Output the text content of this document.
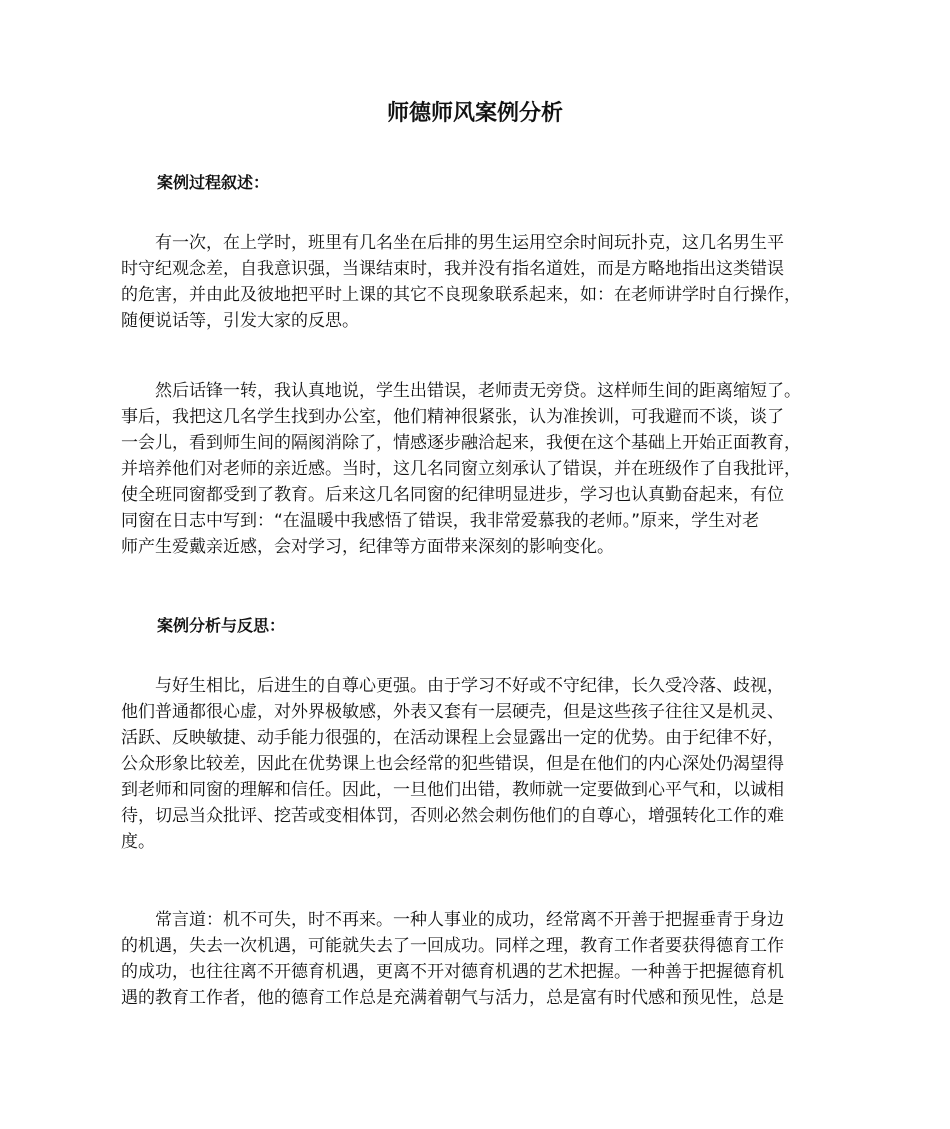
师德师风案例分析
案例过程叙述：
　　有一次，在上学时，班里有几名坐在后排的男生运用空余时间玩扑克，这几名男生平
时守纪观念差，自我意识强，当课结束时，我并没有指名道姓，而是方略地指出这类错误
的危害，并由此及彼地把平时上课的其它不良现象联系起来，如：在老师讲学时自行操作，
随便说话等，引发大家的反思。
　　然后话锋一转，我认真地说，学生出错误，老师责无旁贷。这样师生间的距离缩短了。
事后，我把这几名学生找到办公室，他们精神很紧张，认为准挨训，可我避而不谈，谈了
一会儿，看到师生间的隔阂消除了，情感逐步融洽起来，我便在这个基础上开始正面教育，
并培养他们对老师的亲近感。当时，这几名同窗立刻承认了错误，并在班级作了自我批评，
使全班同窗都受到了教育。后来这几名同窗的纪律明显进步，学习也认真勤奋起来，有位
同窗在日志中写到：“在温暖中我感悟了错误，我非常爱慕我的老师。”原来，学生对老
师产生爱戴亲近感，会对学习，纪律等方面带来深刻的影响变化。
案例分析与反思：
　　与好生相比，后进生的自尊心更强。由于学习不好或不守纪律，长久受冷落、歧视，
他们普通都很心虚，对外界极敏感，外表又套有一层硬壳，但是这些孩子往往又是机灵、
活跃、反映敏捷、动手能力很强的，在活动课程上会显露出一定的优势。由于纪律不好，
公众形象比较差，因此在优势课上也会经常的犯些错误，但是在他们的内心深处仍渴望得
到老师和同窗的理解和信任。因此，一旦他们出错，教师就一定要做到心平气和，以诚相
待，切忌当众批评、挖苦或变相体罚，否则必然会刺伤他们的自尊心，增强转化工作的难
度。
　　常言道：机不可失，时不再来。一种人事业的成功，经常离不开善于把握垂青于身边
的机遇，失去一次机遇，可能就失去了一回成功。同样之理，教育工作者要获得德育工作
的成功，也往往离不开德育机遇，更离不开对德育机遇的艺术把握。一种善于把握德育机
遇的教育工作者，他的德育工作总是充满着朝气与活力，总是富有时代感和预见性，总是
